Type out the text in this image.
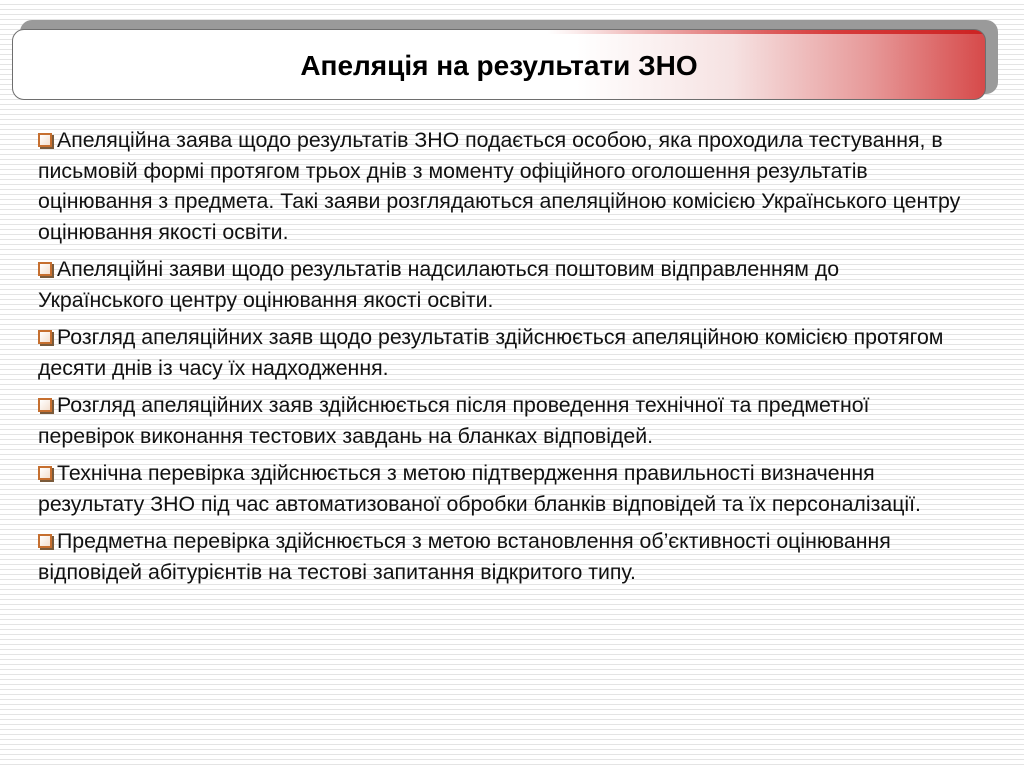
Апеляція на результати ЗНО

Апеляційна заява щодо результатів ЗНО подається особою, яка проходила тестування, в письмовій формі протягом трьох днів з моменту офіційного оголошення результатів оцінювання з предмета. Такі заяви розглядаються апеляційною комісією Українського центру оцінювання якості освіти.

Апеляційні заяви щодо результатів надсилаються поштовим відправленням до Українського центру оцінювання якості освіти.

Розгляд апеляційних заяв щодо результатів здійснюється апеляційною комісією протягом десяти днів із часу їх надходження.

Розгляд апеляційних заяв здійснюється після проведення технічної та предметної перевірок виконання тестових завдань на бланках відповідей.

Технічна перевірка здійснюється з метою підтвердження правильності визначення результату ЗНО під час автоматизованої обробки бланків відповідей та їх персоналізації.

Предметна перевірка здійснюється з метою встановлення об’єктивності оцінювання відповідей абітурієнтів на тестові запитання відкритого типу.
